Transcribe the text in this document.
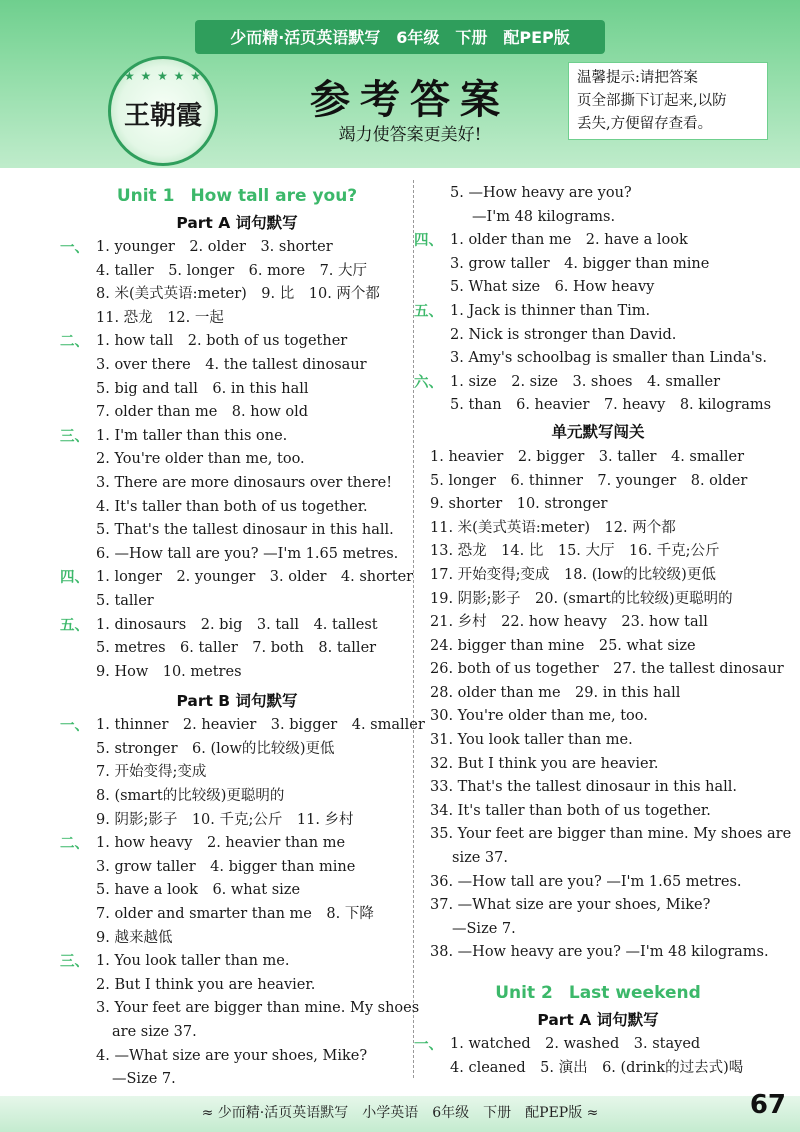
少而精·活页英语默写　6年级　下册　配PEP版
★ ★ ★ ★ ★
王朝霞	参考答案
竭力使答案更美好!
温馨提示:请把答案
页全部撕下订起来,以防
丢失,方便留存查看。
Unit 1 How tall are you?
Part A 词句默写
一、 1. younger　2. older　3. shorter
4. taller　5. longer　6. more　7. 大厅
8. 米(美式英语:meter)　9. 比　10. 两个都
11. 恐龙　12. 一起
二、 1. how tall　2. both of us together
3. over there　4. the tallest dinosaur
5. big and tall　6. in this hall
7. older than me　8. how old
三、 1. I'm taller than this one.
2. You're older than me, too.
3. There are more dinosaurs over there!
4. It's taller than both of us together.
5. That's the tallest dinosaur in this hall.
6. —How tall are you? —I'm 1.65 metres.
四、 1. longer　2. younger　3. older　4. shorter
5. taller
五、 1. dinosaurs　2. big　3. tall　4. tallest
5. metres　6. taller　7. both　8. taller
9. How　10. metres
Part B 词句默写
一、 1. thinner　2. heavier　3. bigger　4. smaller
5. stronger　6. (low的比较级)更低
7. 开始变得;变成
8. (smart的比较级)更聪明的
9. 阴影;影子　10. 千克;公斤　11. 乡村
二、 1. how heavy　2. heavier than me
3. grow taller　4. bigger than mine
5. have a look　6. what size
7. older and smarter than me　8. 下降
9. 越来越低
三、 1. You look taller than me.
2. But I think you are heavier.
3. Your feet are bigger than mine. My shoes
are size 37.
4. —What size are your shoes, Mike?
—Size 7.
5. —How heavy are you?
—I'm 48 kilograms.
四、 1. older than me　2. have a look
3. grow taller　4. bigger than mine
5. What size　6. How heavy
五、 1. Jack is thinner than Tim.
2. Nick is stronger than David.
3. Amy's schoolbag is smaller than Linda's.
六、 1. size　2. size　3. shoes　4. smaller
5. than　6. heavier　7. heavy　8. kilograms
单元默写闯关
1. heavier　2. bigger　3. taller　4. smaller
5. longer　6. thinner　7. younger　8. older
9. shorter　10. stronger
11. 米(美式英语:meter)　12. 两个都
13. 恐龙　14. 比　15. 大厅　16. 千克;公斤
17. 开始变得;变成　18. (low的比较级)更低
19. 阴影;影子　20. (smart的比较级)更聪明的
21. 乡村　22. how heavy　23. how tall
24. bigger than mine　25. what size
26. both of us together　27. the tallest dinosaur
28. older than me　29. in this hall
30. You're older than me, too.
31. You look taller than me.
32. But I think you are heavier.
33. That's the tallest dinosaur in this hall.
34. It's taller than both of us together.
35. Your feet are bigger than mine. My shoes are
size 37.
36. —How tall are you? —I'm 1.65 metres.
37. —What size are your shoes, Mike?
—Size 7.
38. —How heavy are you? —I'm 48 kilograms.
Unit 2 Last weekend
Part A 词句默写
一、 1. watched　2. washed　3. stayed
4. cleaned　5. 演出　6. (drink的过去式)喝
≈ 少而精·活页英语默写　小学英语　6年级　下册　配PEP版 ≈	67
